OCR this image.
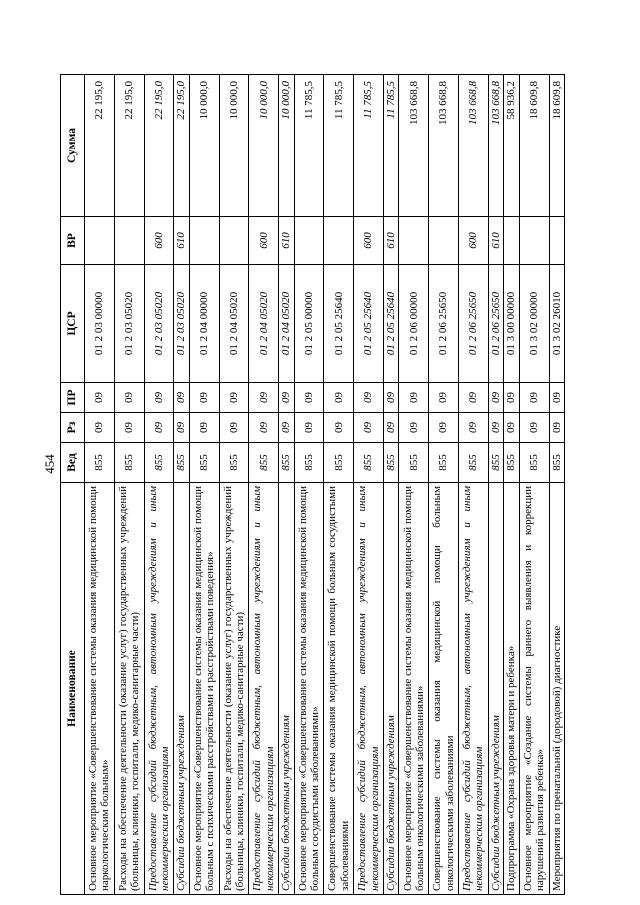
454
Наименование	Вед	Рз	ПР	ЦСР	ВР	Сумма
Основное мероприятие «Совершенствование системы оказания медицинской помощи наркологическим больным»	855	09	09	01 2 03 00000		22 195,0
Расходы на обеспечение деятельности (оказание услуг) государственных учреждений (больницы, клиники, госпитали, медико-санитарные части)	855	09	09	01 2 03 05020		22 195,0
Предоставление субсидий бюджетным, автономным учреждениям и иным некоммерческим организациям	855	09	09	01 2 03 05020	600	22 195,0
Субсидии бюджетным учреждениям	855	09	09	01 2 03 05020	610	22 195,0
Основное мероприятие «Совершенствование системы оказания медицинской помощи больным с психическими расстройствами и расстройствами поведения»	855	09	09	01 2 04 00000		10 000,0
Расходы на обеспечение деятельности (оказание услуг) государственных учреждений (больницы, клиники, госпитали, медико-санитарные части)	855	09	09	01 2 04 05020		10 000,0
Предоставление субсидий бюджетным, автономным учреждениям и иным некоммерческим организациям	855	09	09	01 2 04 05020	600	10 000,0
Субсидии бюджетным учреждениям	855	09	09	01 2 04 05020	610	10 000,0
Основное мероприятие «Совершенствование системы оказания медицинской помощи больным сосудистыми заболеваниями»	855	09	09	01 2 05 00000		11 785,5
Совершенствование системы оказания медицинской помощи больным сосудистыми заболеваниями	855	09	09	01 2 05 25640		11 785,5
Предоставление субсидий бюджетным, автономным учреждениям и иным некоммерческим организациям	855	09	09	01 2 05 25640	600	11 785,5
Субсидии бюджетным учреждениям	855	09	09	01 2 05 25640	610	11 785,5
Основное мероприятие «Совершенствование системы оказания медицинской помощи больным онкологическими заболеваниями»	855	09	09	01 2 06 00000		103 668,8
Совершенствование системы оказания медицинской помощи больным онкологическими заболеваниями	855	09	09	01 2 06 25650		103 668,8
Предоставление субсидий бюджетным, автономным учреждениям и иным некоммерческим организациям	855	09	09	01 2 06 25650	600	103 668,8
Субсидии бюджетным учреждениям	855	09	09	01 2 06 25650	610	103 668,8
Подпрограмма «Охрана здоровья матери и ребенка»	855	09	09	01 3 00 00000		58 936,2
Основное мероприятие «Создание системы раннего выявления и коррекции нарушений развития ребенка»	855	09	09	01 3 02 00000		18 609,8
Мероприятия по пренатальной (дородовой) диагностике	855	09	09	01 3 02 26010		18 609,8
